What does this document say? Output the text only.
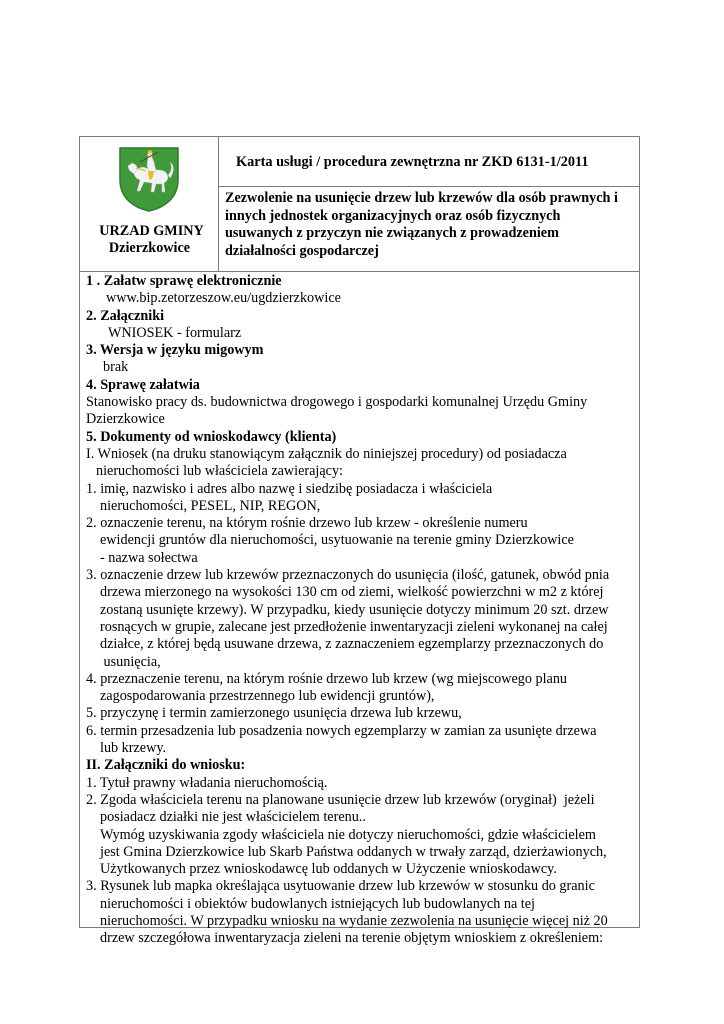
URZAD GMINY
Dzierzkowice
Karta usługi / procedura zewnętrzna nr ZKD 6131-1/2011
Zezwolenie na usunięcie drzew lub krzewów dla osób prawnych i
innych jednostek organizacyjnych oraz osób fizycznych
usuwanych z przyczyn nie związanych z prowadzeniem
działalności gospodarczej

1 . Załatw sprawę elektronicznie

www.bip.zetorzeszow.eu/ugdzierzkowice

2. Załączniki

WNIOSEK - formularz

3. Wersja w języku migowym

brak

4. Sprawę załatwia

Stanowisko pracy ds. budownictwa drogowego i gospodarki komunalnej Urzędu Gminy

Dzierzkowice

5. Dokumenty od wnioskodawcy (klienta)

I. Wniosek (na druku stanowiącym załącznik do niniejszej procedury) od posiadacza

nieruchomości lub właściciela zawierający:

1. imię, nazwisko i adres albo nazwę i siedzibę posiadacza i właściciela

nieruchomości, PESEL, NIP, REGON,

2. oznaczenie terenu, na którym rośnie drzewo lub krzew - określenie numeru

ewidencji gruntów dla nieruchomości, usytuowanie na terenie gminy Dzierzkowice

- nazwa sołectwa

3. oznaczenie drzew lub krzewów przeznaczonych do usunięcia (ilość, gatunek, obwód pnia

drzewa mierzonego na wysokości 130 cm od ziemi, wielkość powierzchni w m2 z której

zostaną usunięte krzewy). W przypadku, kiedy usunięcie dotyczy minimum 20 szt. drzew

rosnących w grupie, zalecane jest przedłożenie inwentaryzacji zieleni wykonanej na całej

działce, z której będą usuwane drzewa, z zaznaczeniem egzemplarzy przeznaczonych do

usunięcia,

4. przeznaczenie terenu, na którym rośnie drzewo lub krzew (wg miejscowego planu

zagospodarowania przestrzennego lub ewidencji gruntów),

5. przyczynę i termin zamierzonego usunięcia drzewa lub krzewu,

6. termin przesadzenia lub posadzenia nowych egzemplarzy w zamian za usunięte drzewa

lub krzewy.

II. Załączniki do wniosku:

1. Tytuł prawny władania nieruchomością.

2. Zgoda właściciela terenu na planowane usunięcie drzew lub krzewów (oryginał)  jeżeli

posiadacz działki nie jest właścicielem terenu..

Wymóg uzyskiwania zgody właściciela nie dotyczy nieruchomości, gdzie właścicielem

jest Gmina Dzierzkowice lub Skarb Państwa oddanych w trwały zarząd, dzierżawionych,

Użytkowanych przez wnioskodawcę lub oddanych w Użyczenie wnioskodawcy.

3. Rysunek lub mapka określająca usytuowanie drzew lub krzewów w stosunku do granic

nieruchomości i obiektów budowlanych istniejących lub budowlanych na tej

nieruchomości. W przypadku wniosku na wydanie zezwolenia na usunięcie więcej niż 20

drzew szczegółowa inwentaryzacja zieleni na terenie objętym wnioskiem z określeniem:
